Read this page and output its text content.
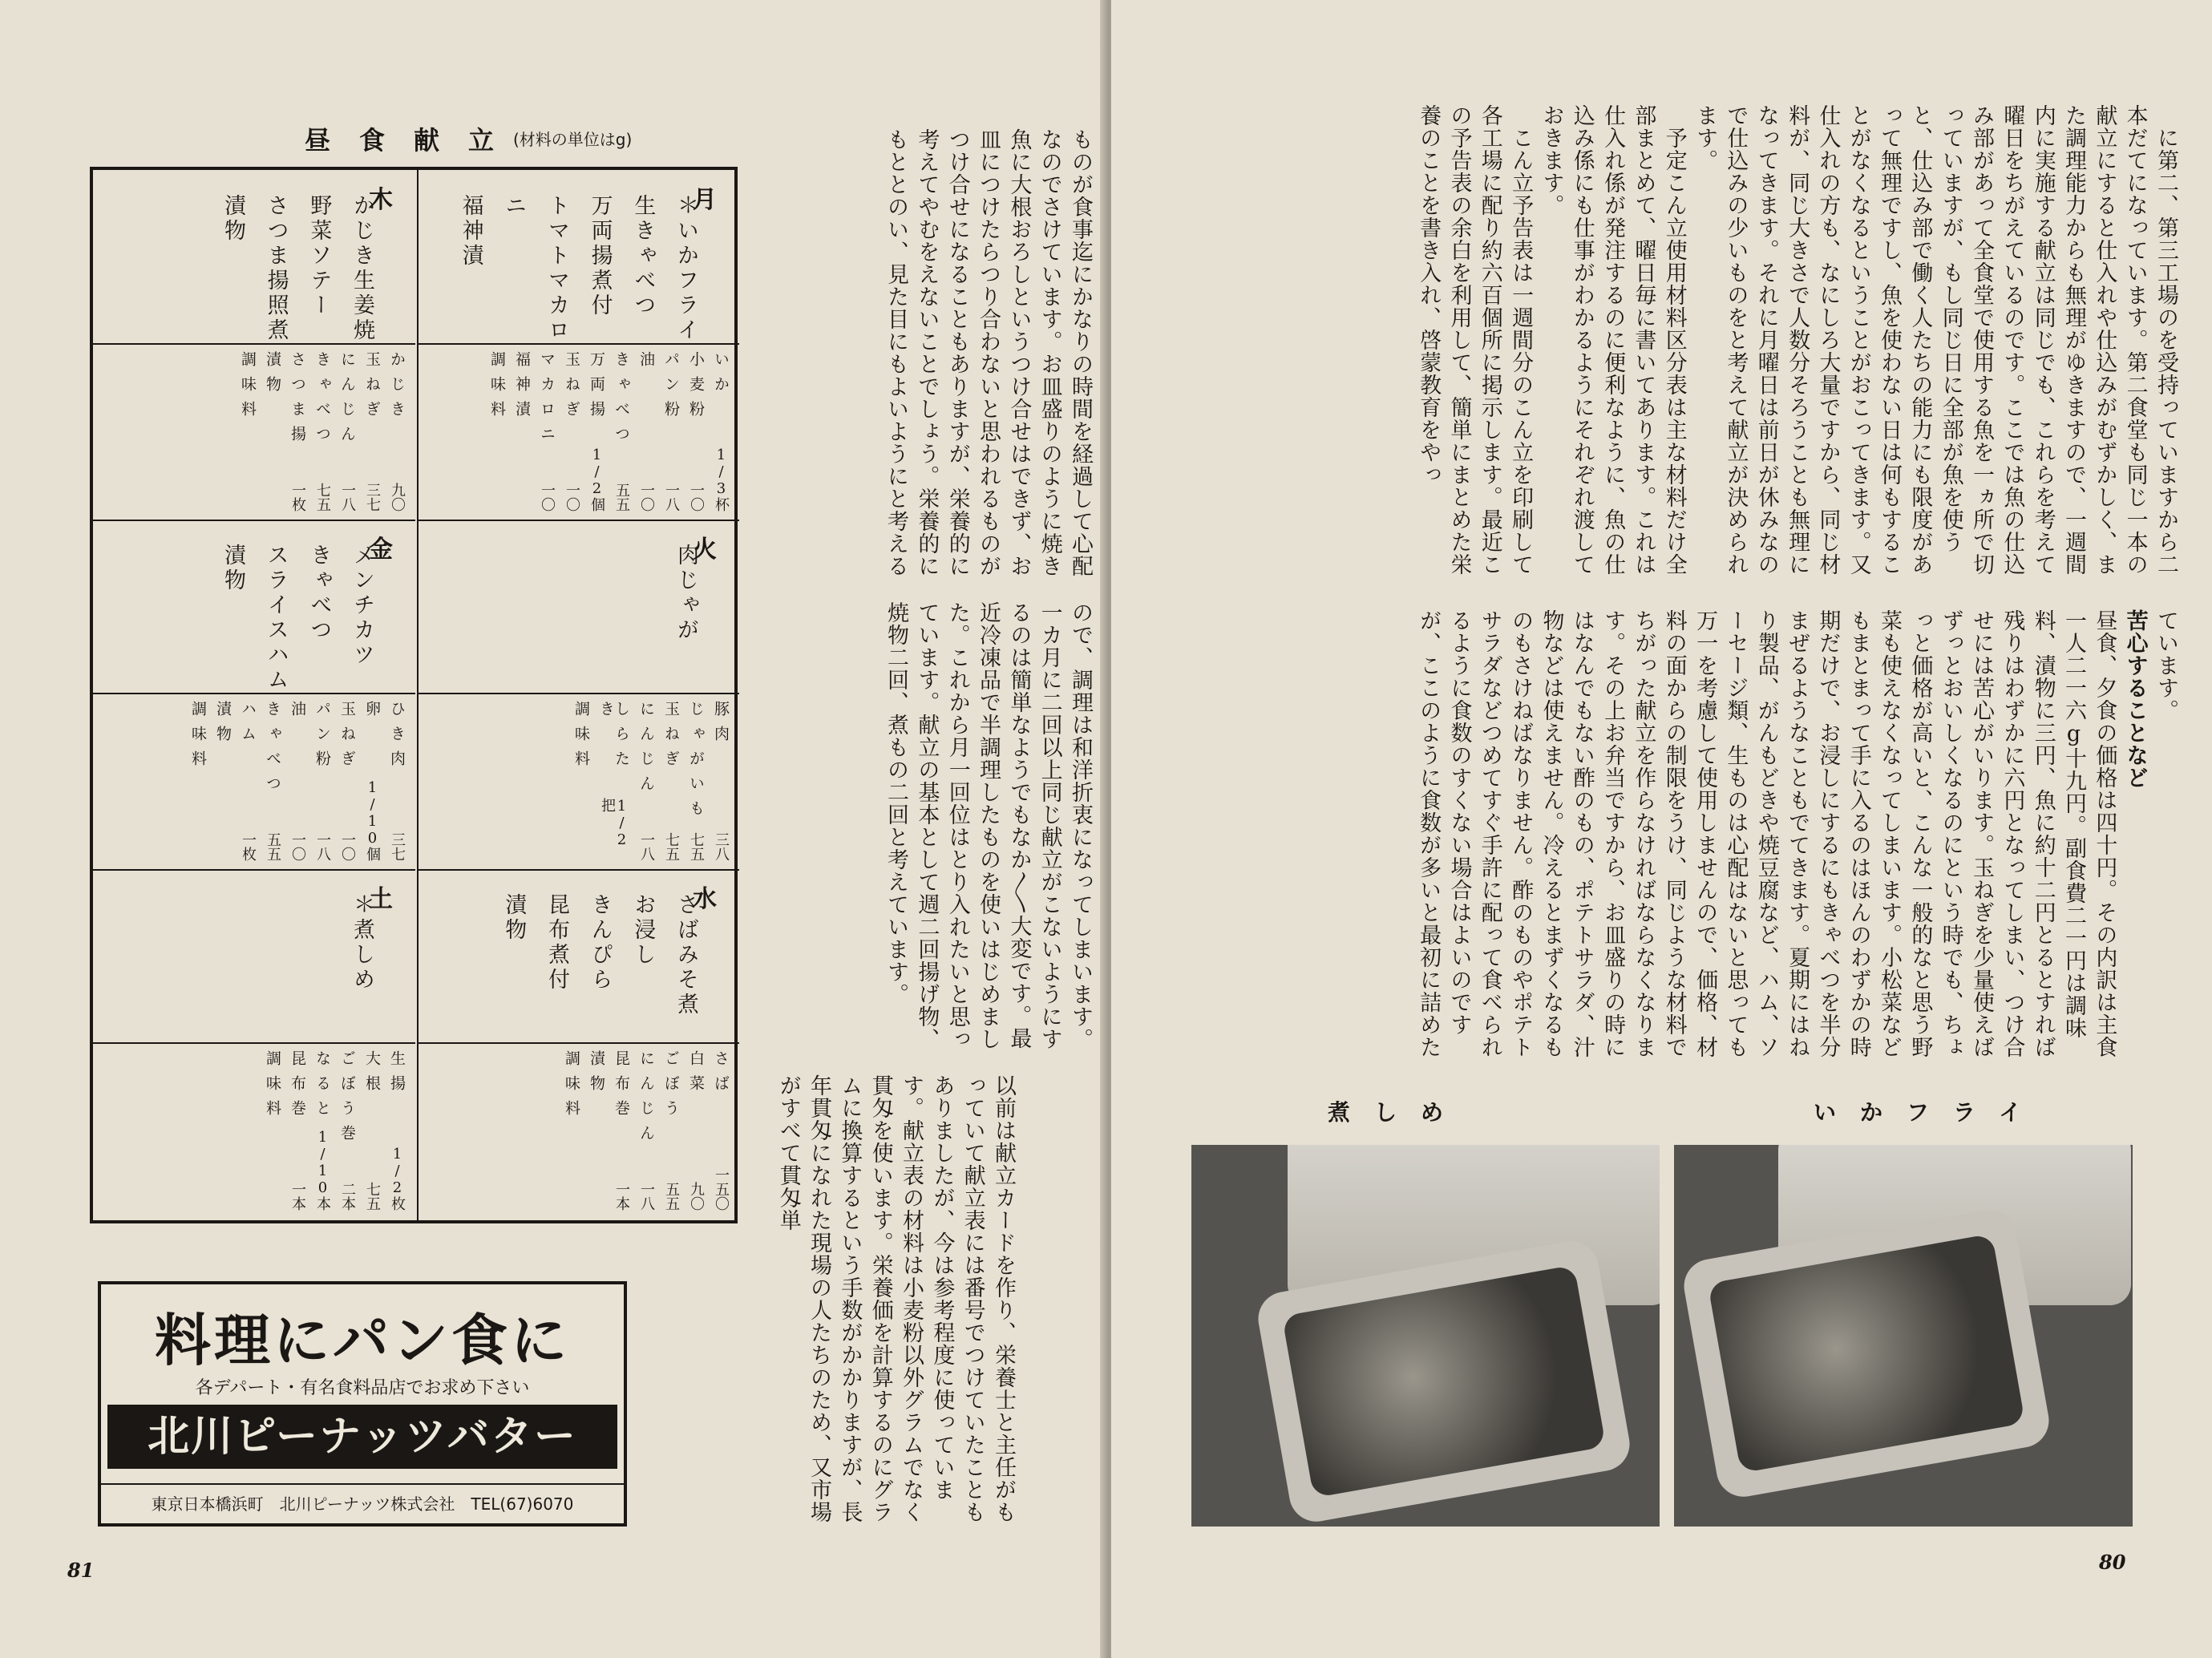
昼食献立
(材料の単位はg)
月
＊いかフライ
生きゃべつ
万両揚煮付
トマトマカロ
ニ
福神漬
いか
1/3杯
小麦粉
一〇
パン粉
一八
油
一〇
きゃべつ
五五
万両揚
1/2個
玉ねぎ
一〇
マカロニ
一〇
福神漬
調味料
火
肉じゃが
豚肉
三八
じゃがいも
七五
玉ねぎ
七五
にんじん
一八
しらたき
1/2把
調味料
水
さばみそ煮
お浸し
きんぴら
昆布煮付
漬物
さば
一五〇
白菜
九〇
ごぼう
五五
にんじん
一八
昆布巻
一本
漬物
調味料
木
かじき生姜焼
野菜ソテー
さつま揚照煮
漬物
かじき
九〇
玉ねぎ
三七
にんじん
一八
きゃべつ
七五
さつま揚
一枚
漬物
調味料
金
メンチカツ
きゃべつ
スライスハム
漬物
ひき肉
三七
卵
1/10個
玉ねぎ
一〇
パン粉
一八
油
一〇
きゃべつ
五五
ハム
一枚
漬物
調味料
土
＊煮しめ
生揚
1/2枚
大根
七五
ごぼう巻
二本
なると
1/10本
昆布巻
一本
調味料
ものが食事迄にかなりの時間を経過して心配なのでさけています。お皿盛りのように焼き魚に大根おろしというつけ合せはできず、お皿につけたらつり合わないと思われるものがつけ合せになることもありますが、栄養的に考えてやむをえないことでしょう。栄養的にもととのい、見た目にもよいようにと考える
ので、調理は和洋折衷になってしまいます。一カ月に二回以上同じ献立がこないようにするのは簡単なようでもなか〳〵大変です。最近冷凍品で半調理したものを使いはじめました。これから月一回位はとり入れたいと思っています。献立の基本として週二回揚げ物、焼物二回、煮もの二回と考えています。
以前は献立カードを作り、栄養士と主任がもっていて献立表には番号でつけていたこともありましたが、今は参考程度に使っています。献立表の材料は小麦粉以外グラムでなく貫匁を使います。栄養価を計算するのにグラムに換算するという手数がかかりますが、長年貫匁になれた現場の人たちのため、又市場がすべて貫匁単
料理にパン食に
各デパート・有名食料品店でお求め下さい
北川ピーナッツバター
東京日本橋浜町　北川ピーナッツ株式会社　TEL(67)6070
81
　に第二、第三工場のを受持っていますから二本だてになっています。第二食堂も同じ一本の献立にすると仕入れや仕込みがむずかしく、また調理能力からも無理がゆきますので、一週間内に実施する献立は同じでも、これらを考えて曜日をちがえているのです。ここでは魚の仕込み部があって全食堂で使用する魚を一ヵ所で切っていますが、もし同じ日に全部が魚を使うと、仕込み部で働く人たちの能力にも限度があって無理ですし、魚を使わない日は何もすることがなくなるということがおこってきます。又仕入れの方も、なにしろ大量ですから、同じ材料が、同じ大きさで人数分そろうことも無理になってきます。それに月曜日は前日が休みなので仕込みの少いものをと考えて献立が決められます。
　予定こん立使用材料区分表は主な材料だけ全部まとめて、曜日毎に書いてあります。これは仕入れ係が発注するのに便利なように、魚の仕込み係にも仕事がわかるようにそれぞれ渡しておきます。
　こん立予告表は一週間分のこん立を印刷して各工場に配り約六百個所に掲示します。最近この予告表の余白を利用して、簡単にまとめた栄養のことを書き入れ、啓蒙教育をやっ
ています。
苦心することなど
昼食、夕食の価格は四十円。その内訳は主食一人二一六g十九円。副食費二一円は調味料、漬物に三円、魚に約十二円とるとすれば残りはわずかに六円となってしまい、つけ合せには苦心がいります。玉ねぎを少量使えばずっとおいしくなるのにという時でも、ちょっと価格が高いと、こんな一般的なと思う野菜も使えなくなってしまいます。小松菜などもまとまって手に入るのはほんのわずかの時期だけで、お浸しにするにもきゃべつを半分まぜるようなこともでてきます。夏期にはねり製品、がんもどきや焼豆腐など、ハム、ソーセージ類、生ものは心配はないと思っても万一を考慮して使用しませんので、価格、材料の面からの制限をうけ、同じような材料でちがった献立を作らなければならなくなります。その上お弁当ですから、お皿盛りの時にはなんでもない酢のもの、ポテトサラダ、汁物などは使えません。冷えるとまずくなるものもさけねばなりません。酢のものやポテトサラダなどつめてすぐ手許に配って食べられるように食数のすくない場合はよいのですが、ここのように食数が多いと最初に詰めた
煮しめ	いかフライ
80
